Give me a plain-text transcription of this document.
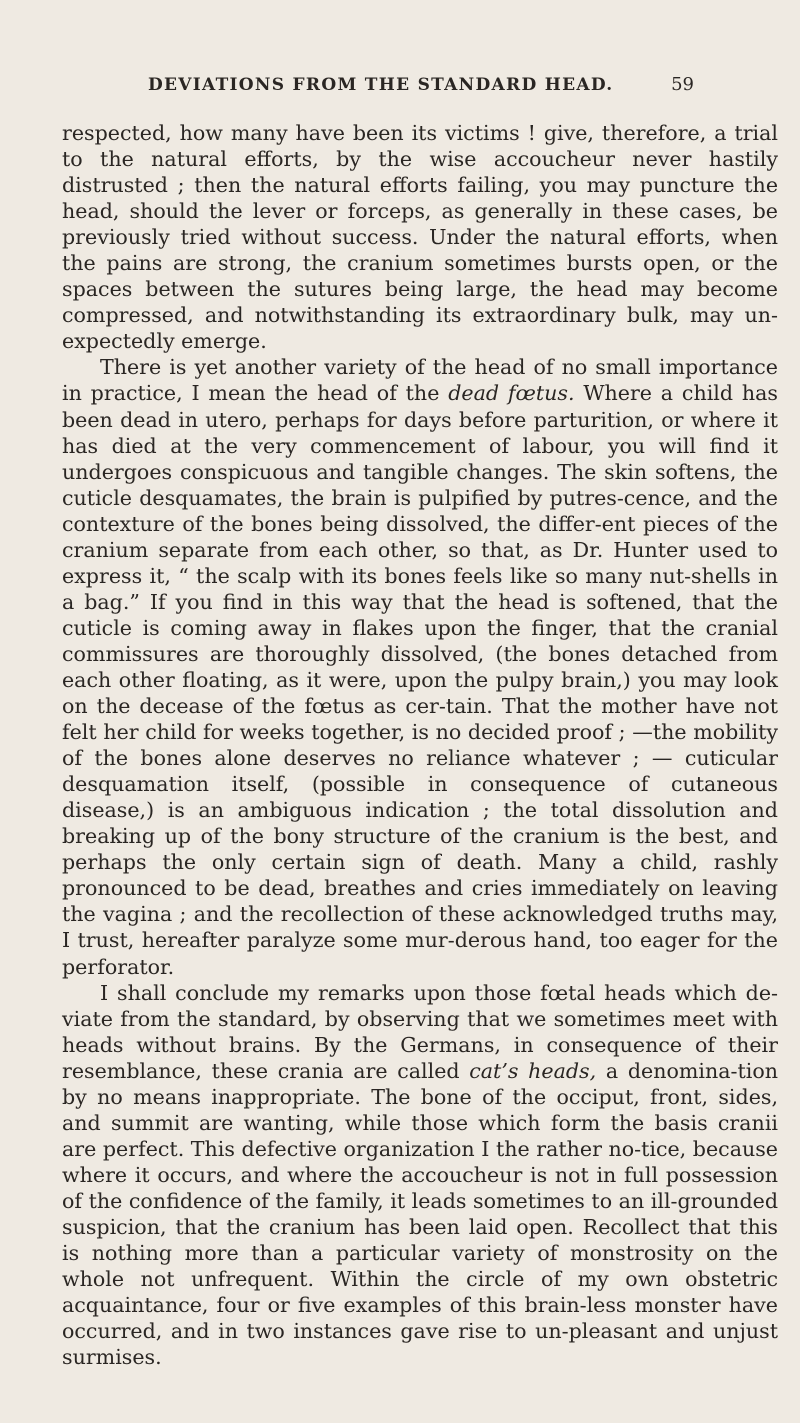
DEVIATIONS FROM THE STANDARD HEAD.	59

respected, how many have been its victims ! give, therefore, a trial to the natural efforts, by the wise accoucheur never hastily distrusted ; then the natural efforts failing, you may puncture the head, should the lever or forceps, as generally in these cases, be previously tried without success. Under the natural efforts, when the pains are strong, the cranium sometimes bursts open, or the spaces between the sutures being large, the head may become compressed, and notwithstanding its extraordinary bulk, may un-expectedly emerge.

There is yet another variety of the head of no small importance in practice, I mean the head of the dead fœtus. Where a child has been dead in utero, perhaps for days before parturition, or where it has died at the very commencement of labour, you will find it undergoes conspicuous and tangible changes. The skin softens, the cuticle desquamates, the brain is pulpified by putres-cence, and the contexture of the bones being dissolved, the differ-ent pieces of the cranium separate from each other, so that, as Dr. Hunter used to express it, “ the scalp with its bones feels like so many nut-shells in a bag.” If you find in this way that the head is softened, that the cuticle is coming away in flakes upon the finger, that the cranial commissures are thoroughly dissolved, (the bones detached from each other floating, as it were, upon the pulpy brain,) you may look on the decease of the fœtus as cer-tain. That the mother have not felt her child for weeks together, is no decided proof ; —the mobility of the bones alone deserves no reliance whatever ; — cuticular desquamation itself, (possible in consequence of cutaneous disease,) is an ambiguous indication ; the total dissolution and breaking up of the bony structure of the cranium is the best, and perhaps the only certain sign of death. Many a child, rashly pronounced to be dead, breathes and cries immediately on leaving the vagina ; and the recollection of these acknowledged truths may, I trust, hereafter paralyze some mur-derous hand, too eager for the perforator.

I shall conclude my remarks upon those fœtal heads which de-viate from the standard, by observing that we sometimes meet with heads without brains. By the Germans, in consequence of their resemblance, these crania are called cat’s heads, a denomina-tion by no means inappropriate. The bone of the occiput, front, sides, and summit are wanting, while those which form the basis cranii are perfect. This defective organization I the rather no-tice, because where it occurs, and where the accoucheur is not in full possession of the confidence of the family, it leads sometimes to an ill-grounded suspicion, that the cranium has been laid open. Recollect that this is nothing more than a particular variety of monstrosity on the whole not unfrequent. Within the circle of my own obstetric acquaintance, four or five examples of this brain-less monster have occurred, and in two instances gave rise to un-pleasant and unjust surmises.
